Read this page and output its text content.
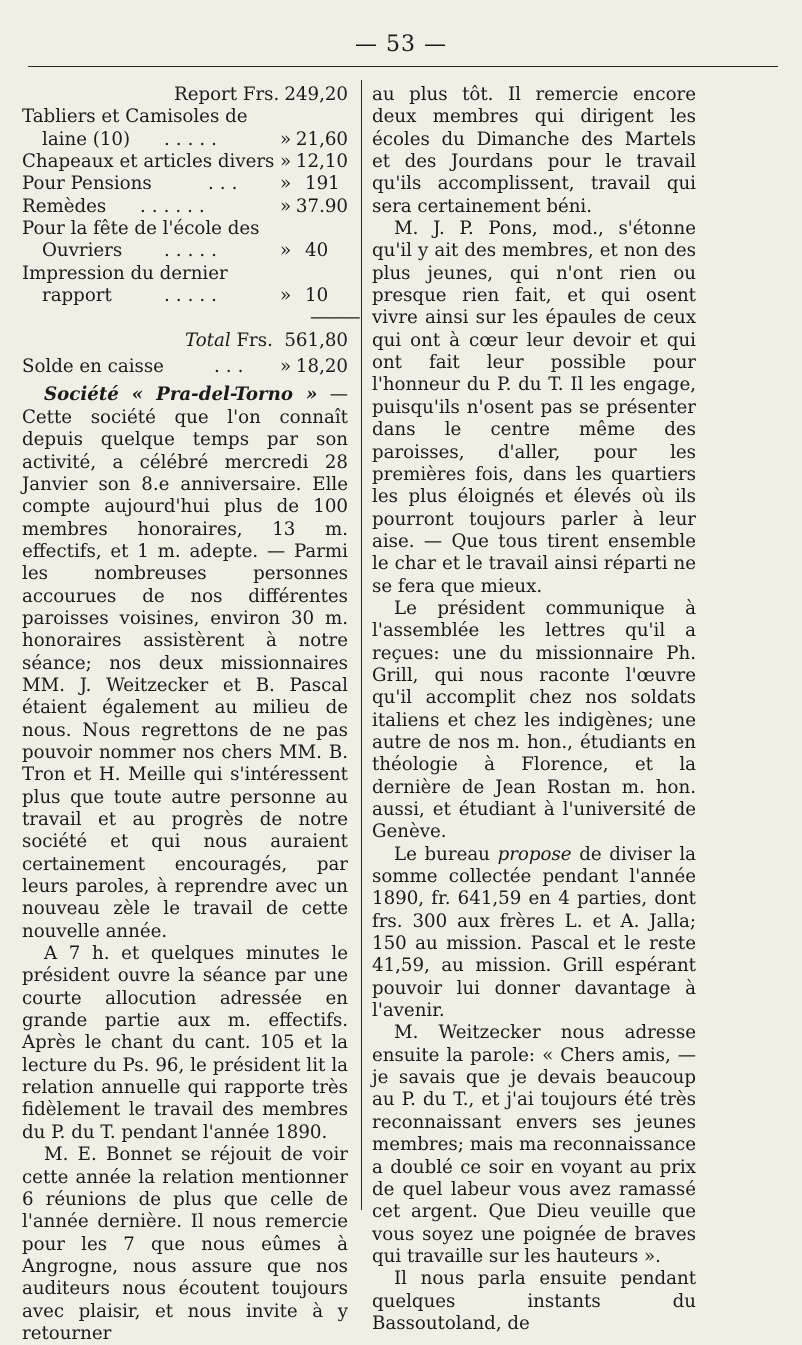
— 53 —
Report Frs. 249,20
Tabliers et Camisoles de
laine (10) .....	» 21,60
Chapeaux et articles divers » 12,10
Pour Pensions	... » 191
Remèdes ......	» 37.90
Pour la fête de l'école des
Ouvriers .....	» 40
Impression du dernier
rapport	.....	» 10
———
Total Frs. 561,80
Solde en caisse	... » 18,20

Société « Pra-del-Torno » — Cette société que l'on connaît depuis quelque temps par son activité, a célébré mercredi 28 Janvier son 8.e anniversaire. Elle compte aujourd'hui plus de 100 membres honoraires, 13 m. effectifs, et 1 m. adepte. — Parmi les nombreuses personnes accourues de nos différentes paroisses voisines, environ 30 m. honoraires assistèrent à notre séance; nos deux missionnaires MM. J. Weitzecker et B. Pascal étaient également au milieu de nous. Nous regrettons de ne pas pouvoir nommer nos chers MM. B. Tron et H. Meille qui s'intéressent plus que toute autre personne au travail et au progrès de notre société et qui nous auraient certainement encouragés, par leurs paroles, à reprendre avec un nouveau zèle le travail de cette nouvelle année.

A 7 h. et quelques minutes le président ouvre la séance par une courte allocution adressée en grande partie aux m. effectifs. Après le chant du cant. 105 et la lecture du Ps. 96, le président lit la relation annuelle qui rapporte très fidèlement le travail des membres du P. du T. pendant l'année 1890.

M. E. Bonnet se réjouit de voir cette année la relation mentionner 6 réunions de plus que celle de l'année dernière. Il nous remercie pour les 7 que nous eûmes à Angrogne, nous assure que nos auditeurs nous écoutent toujours avec plaisir, et nous invite à y retourner

au plus tôt. Il remercie encore deux membres qui dirigent les écoles du Dimanche des Martels et des Jourdans pour le travail qu'ils accomplissent, travail qui sera certainement béni.

M. J. P. Pons, mod., s'étonne qu'il y ait des membres, et non des plus jeunes, qui n'ont rien ou presque rien fait, et qui osent vivre ainsi sur les épaules de ceux qui ont à cœur leur devoir et qui ont fait leur possible pour l'honneur du P. du T. Il les engage, puisqu'ils n'osent pas se présenter dans le centre même des paroisses, d'aller, pour les premières fois, dans les quartiers les plus éloignés et élevés où ils pourront toujours parler à leur aise. — Que tous tirent ensemble le char et le travail ainsi réparti ne se fera que mieux.

Le président communique à l'assemblée les lettres qu'il a reçues: une du missionnaire Ph. Grill, qui nous raconte l'œuvre qu'il accomplit chez nos soldats italiens et chez les indigènes; une autre de nos m. hon., étudiants en théologie à Florence, et la dernière de Jean Rostan m. hon. aussi, et étudiant à l'université de Genève.

Le bureau propose de diviser la somme collectée pendant l'année 1890, fr. 641,59 en 4 parties, dont frs. 300 aux frères L. et A. Jalla; 150 au mission. Pascal et le reste 41,59, au mission. Grill espérant pouvoir lui donner davantage à l'avenir.

M. Weitzecker nous adresse ensuite la parole: « Chers amis, — je savais que je devais beaucoup au P. du T., et j'ai toujours été très reconnaissant envers ses jeunes membres; mais ma reconnaissance a doublé ce soir en voyant au prix de quel labeur vous avez ramassé cet argent. Que Dieu veuille que vous soyez une poignée de braves qui travaille sur les hauteurs ».

Il nous parla ensuite pendant quelques instants du Bassoutoland, de
